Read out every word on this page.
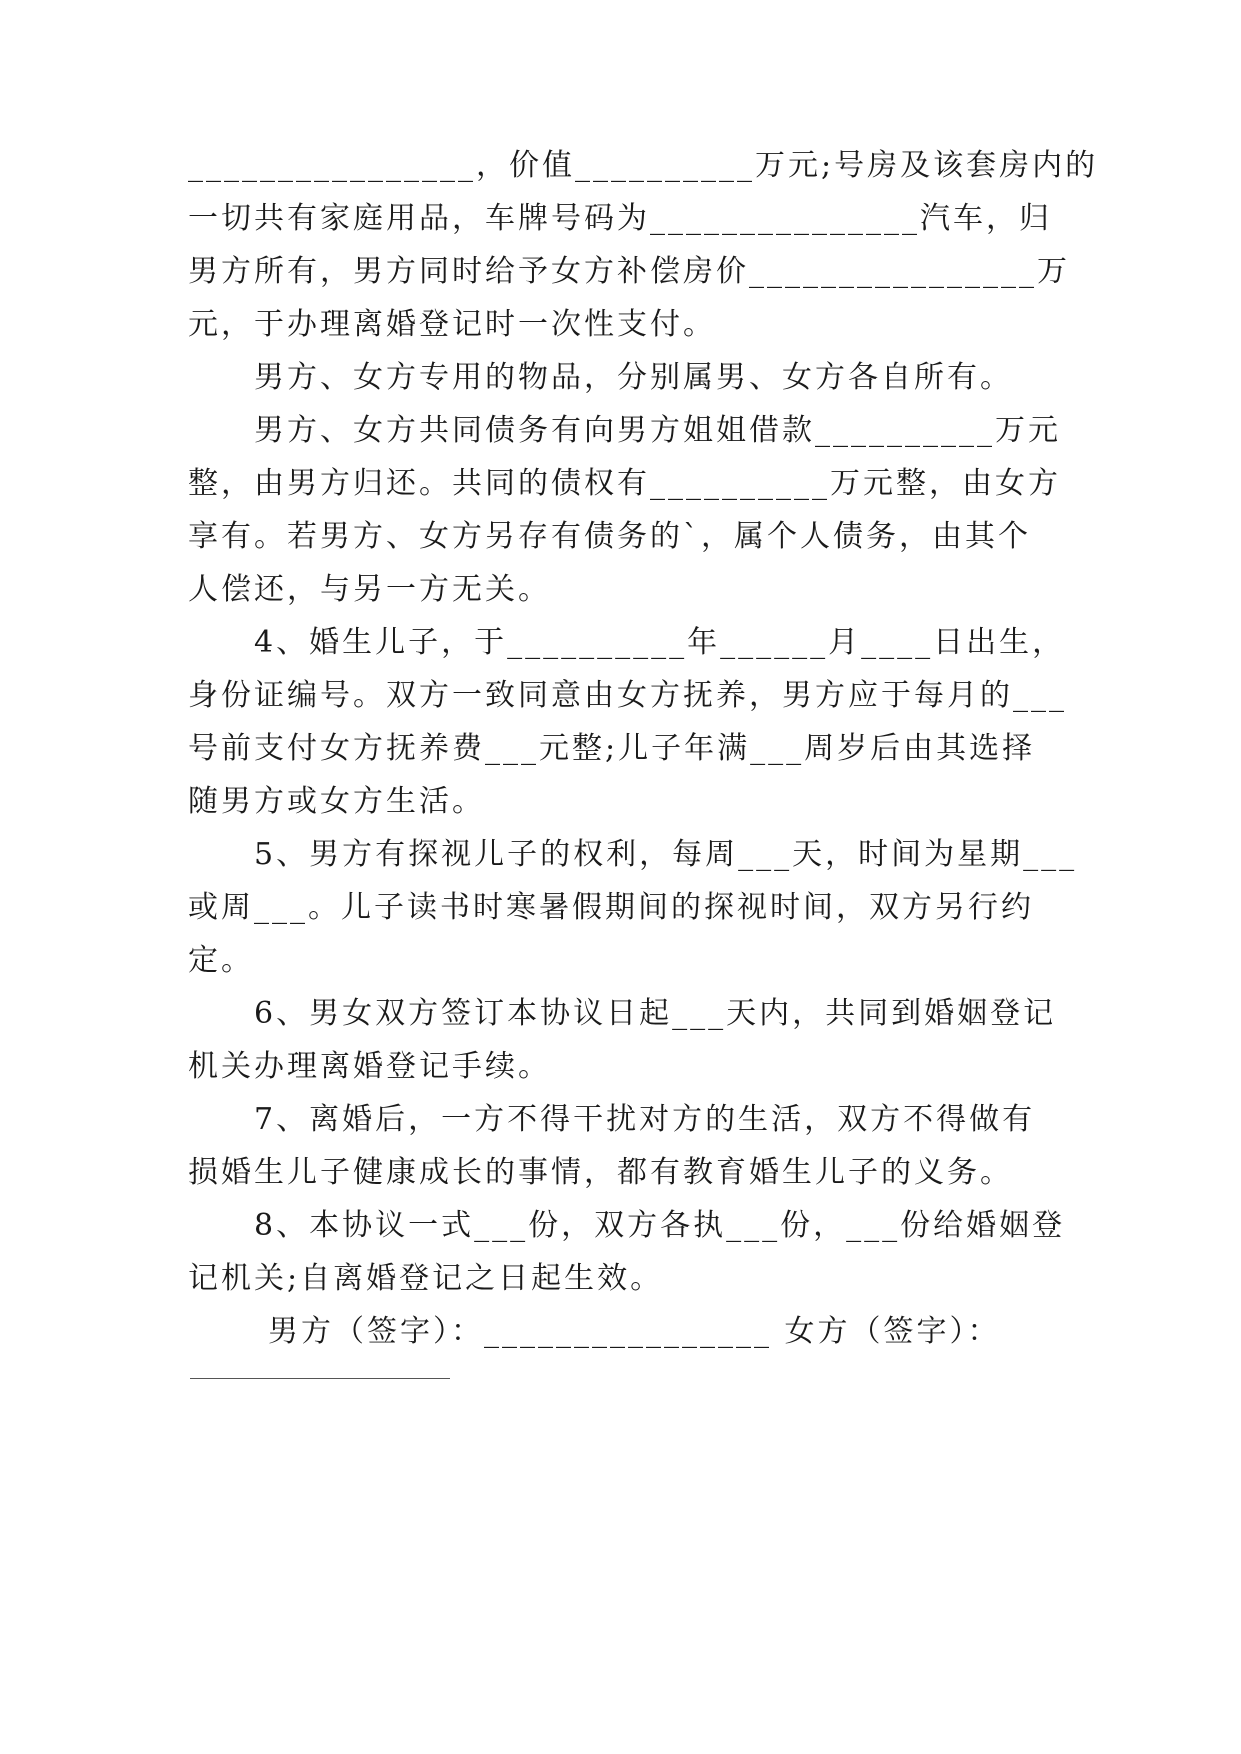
________________，价值__________万元;号房及该套房内的
一切共有家庭用品，车牌号码为_______________汽车，归
男方所有，男方同时给予女方补偿房价________________万
元，于办理离婚登记时一次性支付。
男方、女方专用的物品，分别属男、女方各自所有。
男方、女方共同债务有向男方姐姐借款__________万元
整，由男方归还。共同的债权有__________万元整，由女方
享有。若男方、女方另存有债务的`，属个人债务，由其个
人偿还，与另一方无关。
4、婚生儿子，于__________年______月____日出生，
身份证编号。双方一致同意由女方抚养，男方应于每月的___
号前支付女方抚养费___元整;儿子年满___周岁后由其选择
随男方或女方生活。
5、男方有探视儿子的权利，每周___天，时间为星期___
或周___。儿子读书时寒暑假期间的探视时间，双方另行约
定。
6、男女双方签订本协议日起___天内，共同到婚姻登记
机关办理离婚登记手续。
7、离婚后，一方不得干扰对方的生活，双方不得做有
损婚生儿子健康成长的事情，都有教育婚生儿子的义务。
8、本协议一式___份，双方各执___份，___份给婚姻登
记机关;自离婚登记之日起生效。
男方（签字）：________________ 女方（签字）：
